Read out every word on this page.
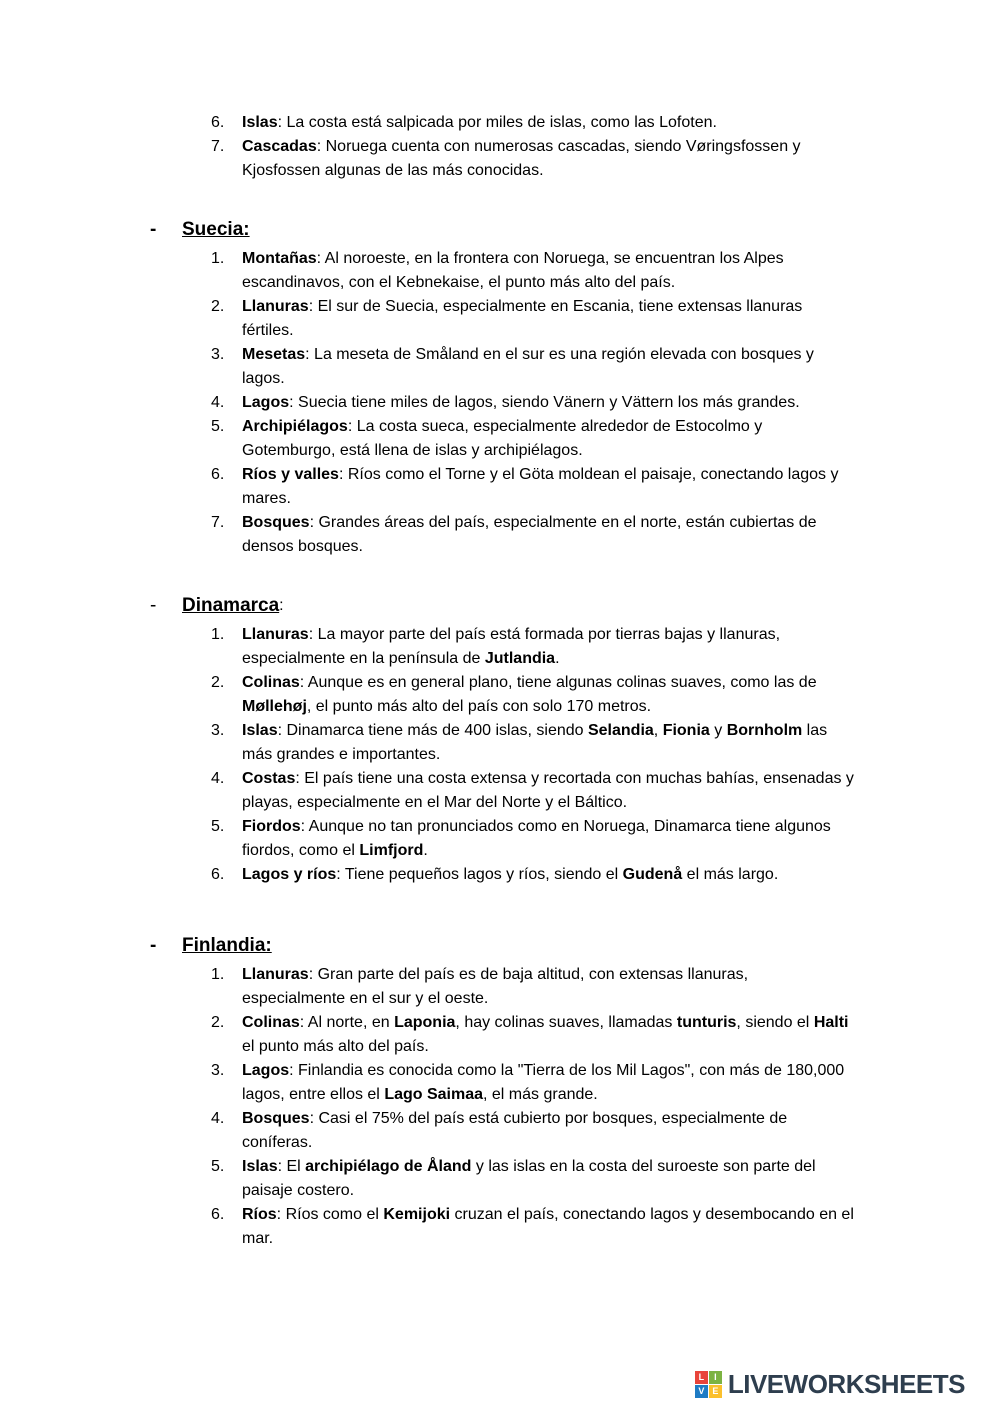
6.	Islas: La costa está salpicada por miles de islas, como las Lofoten.
7.	Cascadas: Noruega cuenta con numerosas cascadas, siendo Vøringsfossen y Kjosfossen algunas de las más conocidas.
-	Suecia:
1.	Montañas: Al noroeste, en la frontera con Noruega, se encuentran los Alpes escandinavos, con el Kebnekaise, el punto más alto del país.
2.	Llanuras: El sur de Suecia, especialmente en Escania, tiene extensas llanuras fértiles.
3.	Mesetas: La meseta de Småland en el sur es una región elevada con bosques y lagos.
4.	Lagos: Suecia tiene miles de lagos, siendo Vänern y Vättern los más grandes.
5.	Archipiélagos: La costa sueca, especialmente alrededor de Estocolmo y Gotemburgo, está llena de islas y archipiélagos.
6.	Ríos y valles: Ríos como el Torne y el Göta moldean el paisaje, conectando lagos y mares.
7.	Bosques: Grandes áreas del país, especialmente en el norte, están cubiertas de densos bosques.
-	Dinamarca :
1.	Llanuras: La mayor parte del país está formada por tierras bajas y llanuras, especialmente en la península de Jutlandia.
2.	Colinas: Aunque es en general plano, tiene algunas colinas suaves, como las de Møllehøj, el punto más alto del país con solo 170 metros.
3.	Islas: Dinamarca tiene más de 400 islas, siendo Selandia, Fionia y Bornholm las más grandes e importantes.
4.	Costas: El país tiene una costa extensa y recortada con muchas bahías, ensenadas y playas, especialmente en el Mar del Norte y el Báltico.
5.	Fiordos: Aunque no tan pronunciados como en Noruega, Dinamarca tiene algunos fiordos, como el Limfjord.
6.	Lagos y ríos: Tiene pequeños lagos y ríos, siendo el Gudenå el más largo.
-	Finlandia:
1.	Llanuras: Gran parte del país es de baja altitud, con extensas llanuras, especialmente en el sur y el oeste.
2.	Colinas: Al norte, en Laponia, hay colinas suaves, llamadas tunturis, siendo el Halti el punto más alto del país.
3.	Lagos: Finlandia es conocida como la "Tierra de los Mil Lagos", con más de 180,000 lagos, entre ellos el Lago Saimaa, el más grande.
4.	Bosques: Casi el 75% del país está cubierto por bosques, especialmente de coníferas.
5.	Islas: El archipiélago de Åland y las islas en la costa del suroeste son parte del paisaje costero.
6.	Ríos: Ríos como el Kemijoki cruzan el país, conectando lagos y desembocando en el mar.
L	I
V E LIVEWORKSHEETS
